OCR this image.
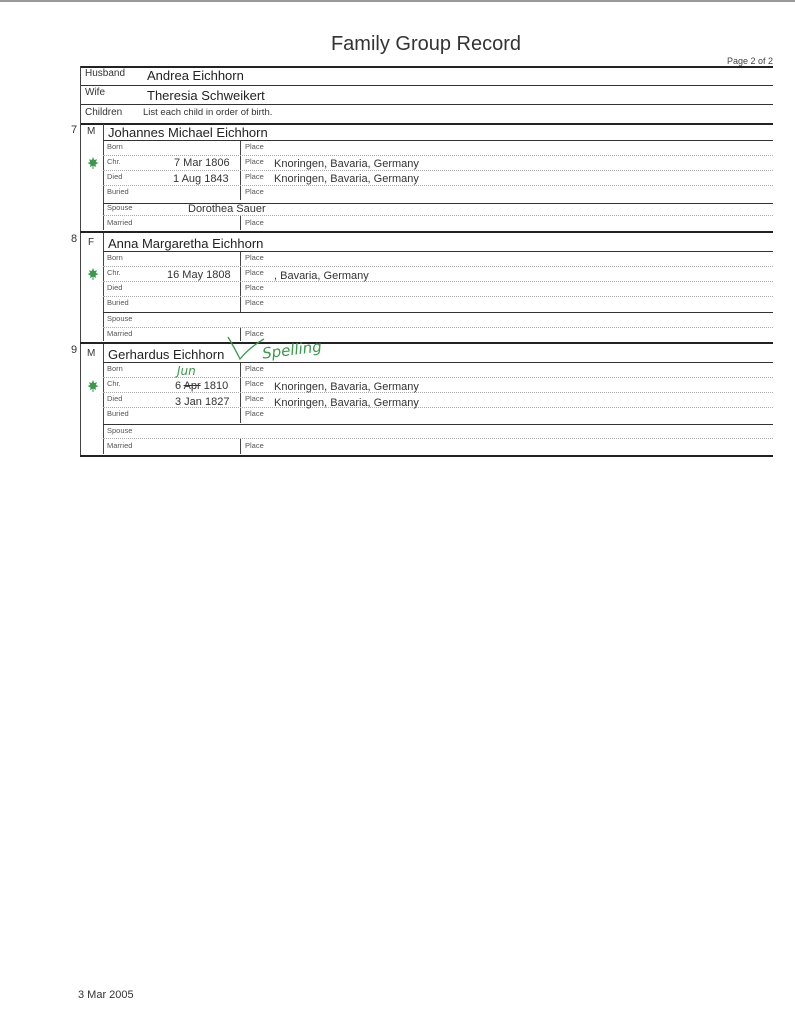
Family Group Record
Page 2 of 2
Husband Andrea Eichhorn
Wife	Theresia Schweikert
Children List each child in order of birth.
7 M Johannes Michael Eichhorn
Born	Place
Chr.	7 Mar 1806 Place Knoringen, Bavaria, Germany
Died	1 Aug 1843 Place Knoringen, Bavaria, Germany
Buried	Place
Spouse	Dorothea Sauer
Married	Place
8 F Anna Margaretha Eichhorn
Born	Place
Chr.	16 May 1808 Place , Bavaria, Germany
Died	Place
Buried	Place
Spouse
Married	Place
9 M Gerhardus Eichhorn Spelling
Born	Place
Jun
Chr.	6 Apr 1810 Place Knoringen, Bavaria, Germany
Died	3 Jan 1827 Place Knoringen, Bavaria, Germany
Buried	Place
Spouse
Married	Place
3 Mar 2005
